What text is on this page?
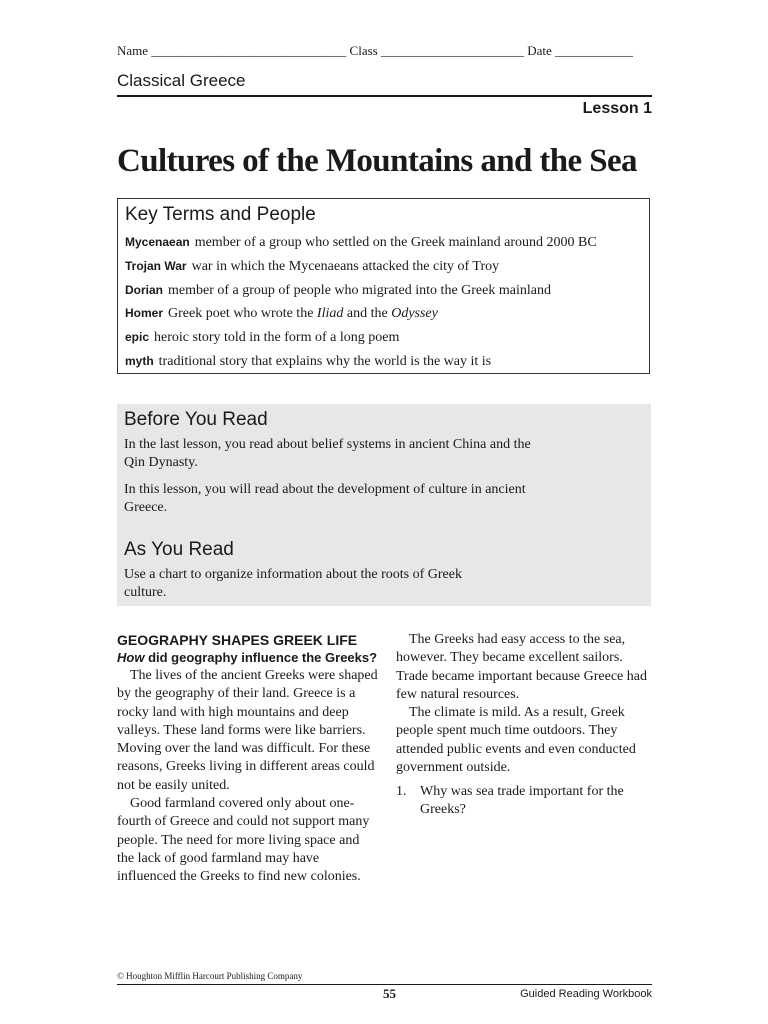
Name ______________________________ Class ______________________ Date ____________
Classical Greece
Lesson 1
Cultures of the Mountains and the Sea
Key Terms and People
Mycenaean member of a group who settled on the Greek mainland around 2000 BC
Trojan War war in which the Mycenaeans attacked the city of Troy
Dorian member of a group of people who migrated into the Greek mainland
Homer Greek poet who wrote the Iliad and the Odyssey
epic heroic story told in the form of a long poem
myth traditional story that explains why the world is the way it is
Before You Read
In the last lesson, you read about belief systems in ancient China and the Qin Dynasty.
In this lesson, you will read about the development of culture in ancient Greece.
As You Read
Use a chart to organize information about the roots of Greek culture.
GEOGRAPHY SHAPES GREEK LIFE
How did geography influence the Greeks?

The lives of the ancient Greeks were shaped by the geography of their land. Greece is a rocky land with high mountains and deep valleys. These land forms were like barriers. Moving over the land was difficult. For these reasons, Greeks living in different areas could not be easily united.

Good farmland covered only about one-fourth of Greece and could not support many people. The need for more living space and the lack of good farmland may have influenced the Greeks to find new colonies.

The Greeks had easy access to the sea, however. They became excellent sailors. Trade became important because Greece had few natural resources.

The climate is mild. As a result, Greek people spent much time outdoors. They attended public events and even conducted government outside.

1. Why was sea trade important for the Greeks?
© Houghton Mifflin Harcourt Publishing Company
55	Guided Reading Workbook
